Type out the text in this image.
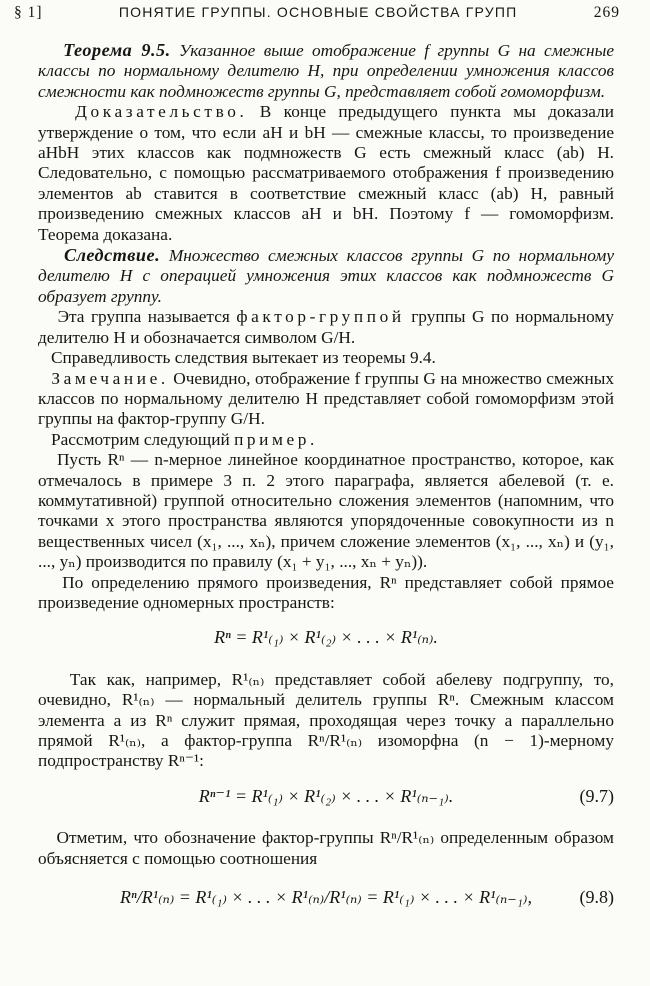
§ 1]	ПОНЯТИЕ ГРУППЫ. ОСНОВНЫЕ СВОЙСТВА ГРУПП	269

Теорема 9.5. Указанное выше отображение f группы G на смежные классы по нормальному делителю H, при определении умножения классов смежности как подмножеств группы G, представляет собой гомоморфизм.

Доказательство. В конце предыдущего пункта мы доказали утверждение о том, что если aH и bH — смежные классы, то произведение aHbH этих классов как подмножеств G есть смежный класс (ab) H. Следовательно, с помощью рассматриваемого отображения f произведению элементов ab ставится в соответствие смежный класс (ab) H, равный произведению смежных классов aH и bH. Поэтому f — гомоморфизм. Теорема доказана.

Следствие. Множество смежных классов группы G по нормальному делителю H с операцией умножения этих классов как подмножеств G образует группу.

Эта группа называется фактор-группой группы G по нормальному делителю H и обозначается символом G/H.

Справедливость следствия вытекает из теоремы 9.4.

Замечание. Очевидно, отображение f группы G на множество смежных классов по нормальному делителю H представляет собой гомоморфизм этой группы на фактор-группу G/H.

Рассмотрим следующий пример.

Пусть Rⁿ — n-мерное линейное координатное пространство, которое, как отмечалось в примере 3 п. 2 этого параграфа, является абелевой (т. е. коммутативной) группой относительно сложения элементов (напомним, что точками x этого пространства являются упорядоченные совокупности из n вещественных чисел (x₁, ..., xₙ), причем сложение элементов (x₁, ..., xₙ) и (y₁, ..., yₙ) производится по правилу (x₁ + y₁, ..., xₙ + yₙ)).

По определению прямого произведения, Rⁿ представляет собой прямое произведение одномерных пространств:

Rⁿ = R¹₍₁₎ × R¹₍₂₎ × . . . × R¹₍ₙ₎.

Так как, например, R¹₍ₙ₎ представляет собой абелеву подгруппу, то, очевидно, R¹₍ₙ₎ — нормальный делитель группы Rⁿ. Смежным классом элемента a из Rⁿ служит прямая, проходящая через точку a параллельно прямой R¹₍ₙ₎, а фактор-группа Rⁿ/R¹₍ₙ₎ изоморфна (n − 1)-мерному подпространству Rⁿ⁻¹:

Rⁿ⁻¹ = R¹₍₁₎ × R¹₍₂₎ × . . . × R¹₍ₙ₋₁₎.	(9.7)

Отметим, что обозначение фактор-группы Rⁿ/R¹₍ₙ₎ определенным образом объясняется с помощью соотношения

Rⁿ/R¹₍ₙ₎ = R¹₍₁₎ × . . . × R¹₍ₙ₎/R¹₍ₙ₎ = R¹₍₁₎ × . . . × R¹₍ₙ₋₁₎,	(9.8)
